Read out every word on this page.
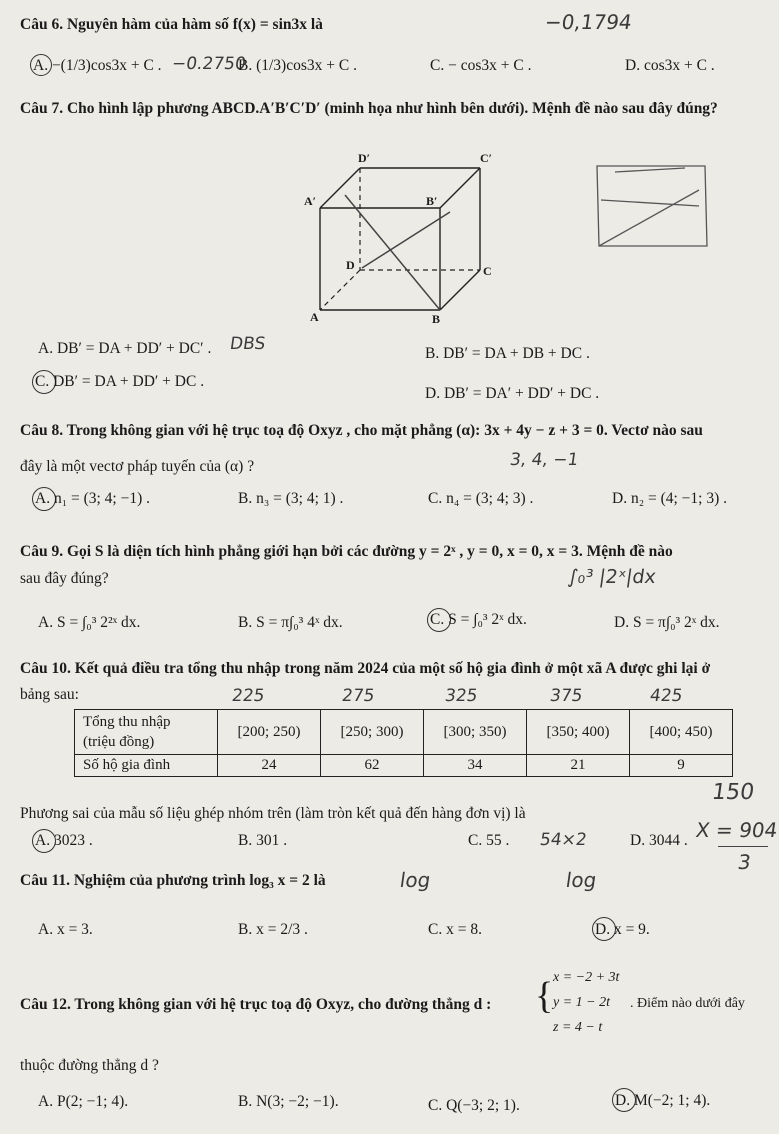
Câu 6. Nguyên hàm của hàm số f(x) = sin3x là	−0,1794
A. −(1/3)cos3x + C . −0.2750
B. (1/3)cos3x + C .	C. − cos3x + C .	D. cos3x + C .
Câu 7. Cho hình lập phương ABCD.A′B′C′D′ (minh họa như hình bên dưới). Mệnh đề nào sau đây đúng?
D′	C′
A′	B′
D	C
A	B
A. DB′ = DA + DD′ + DC′ . DBS	B. DB′ = DA + DB + DC .
C. DB′ = DA + DD′ + DC .
D. DB′ = DA′ + DD′ + DC .
Câu 8. Trong không gian với hệ trục toạ độ Oxyz , cho mặt phẳng (α): 3x + 4y − z + 3 = 0. Vectơ nào sau
đây là một vectơ pháp tuyến của (α) ?	3, 4, −1
A. n₁ = (3; 4; −1) .	B. n₃ = (3; 4; 1) .	C. n₄ = (3; 4; 3) .	D. n₂ = (4; −1; 3) .
Câu 9. Gọi S là diện tích hình phẳng giới hạn bởi các đường y = 2ˣ , y = 0, x = 0, x = 3. Mệnh đề nào
sau đây đúng?	∫₀³ |2ˣ|dx
A. S = ∫₀³ 2²ˣ dx.	B. S = π∫₀³ 4ˣ dx.	C. S = ∫₀³ 2ˣ dx.	D. S = π∫₀³ 2ˣ dx.
Câu 10. Kết quả điều tra tổng thu nhập trong năm 2024 của một số hộ gia đình ở một xã A được ghi lại ở
bảng sau:	225	275	325	375	425
Tổng thu nhập
(triệu đồng)	[200; 250)	[250; 300)	[300; 350)	[350; 400)	[400; 450)
Số hộ gia đình	24	62	34	21	9
150
Phương sai của mẫu số liệu ghép nhóm trên (làm tròn kết quả đến hàng đơn vị) là
A. 3023 .	B. 301 .	C. 55 . 54×2	D. 3044 . X = 904
3
Câu 11. Nghiệm của phương trình log₃ x = 2 là	log	log
A. x = 3.	B. x = 2/3 .	C. x = 8.	D. x = 9.
Câu 12. Trong không gian với hệ trục toạ độ Oxyz, cho đường thẳng d : { x = −2 + 3t
y = 1 − 2t
z = 4 − t
. Điểm nào dưới đây
thuộc đường thẳng d ?
A. P(2; −1; 4).	B. N(3; −2; −1).	C. Q(−3; 2; 1).	D. M(−2; 1; 4).
